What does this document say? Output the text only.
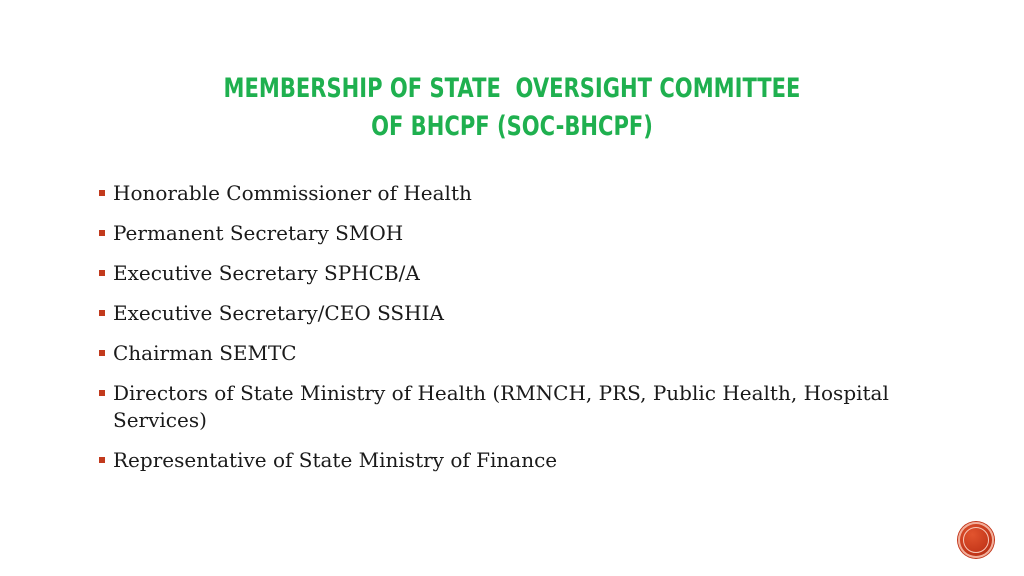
MEMBERSHIP OF STATE  OVERSIGHT COMMITTEE OF BHCPF (SOC-BHCPF)
Honorable Commissioner of Health
Permanent Secretary SMOH
Executive Secretary SPHCB/A
Executive Secretary/CEO SSHIA
Chairman SEMTC
Directors of State Ministry of Health (RMNCH, PRS, Public Health, Hospital Services)
Representative of State Ministry of Finance
